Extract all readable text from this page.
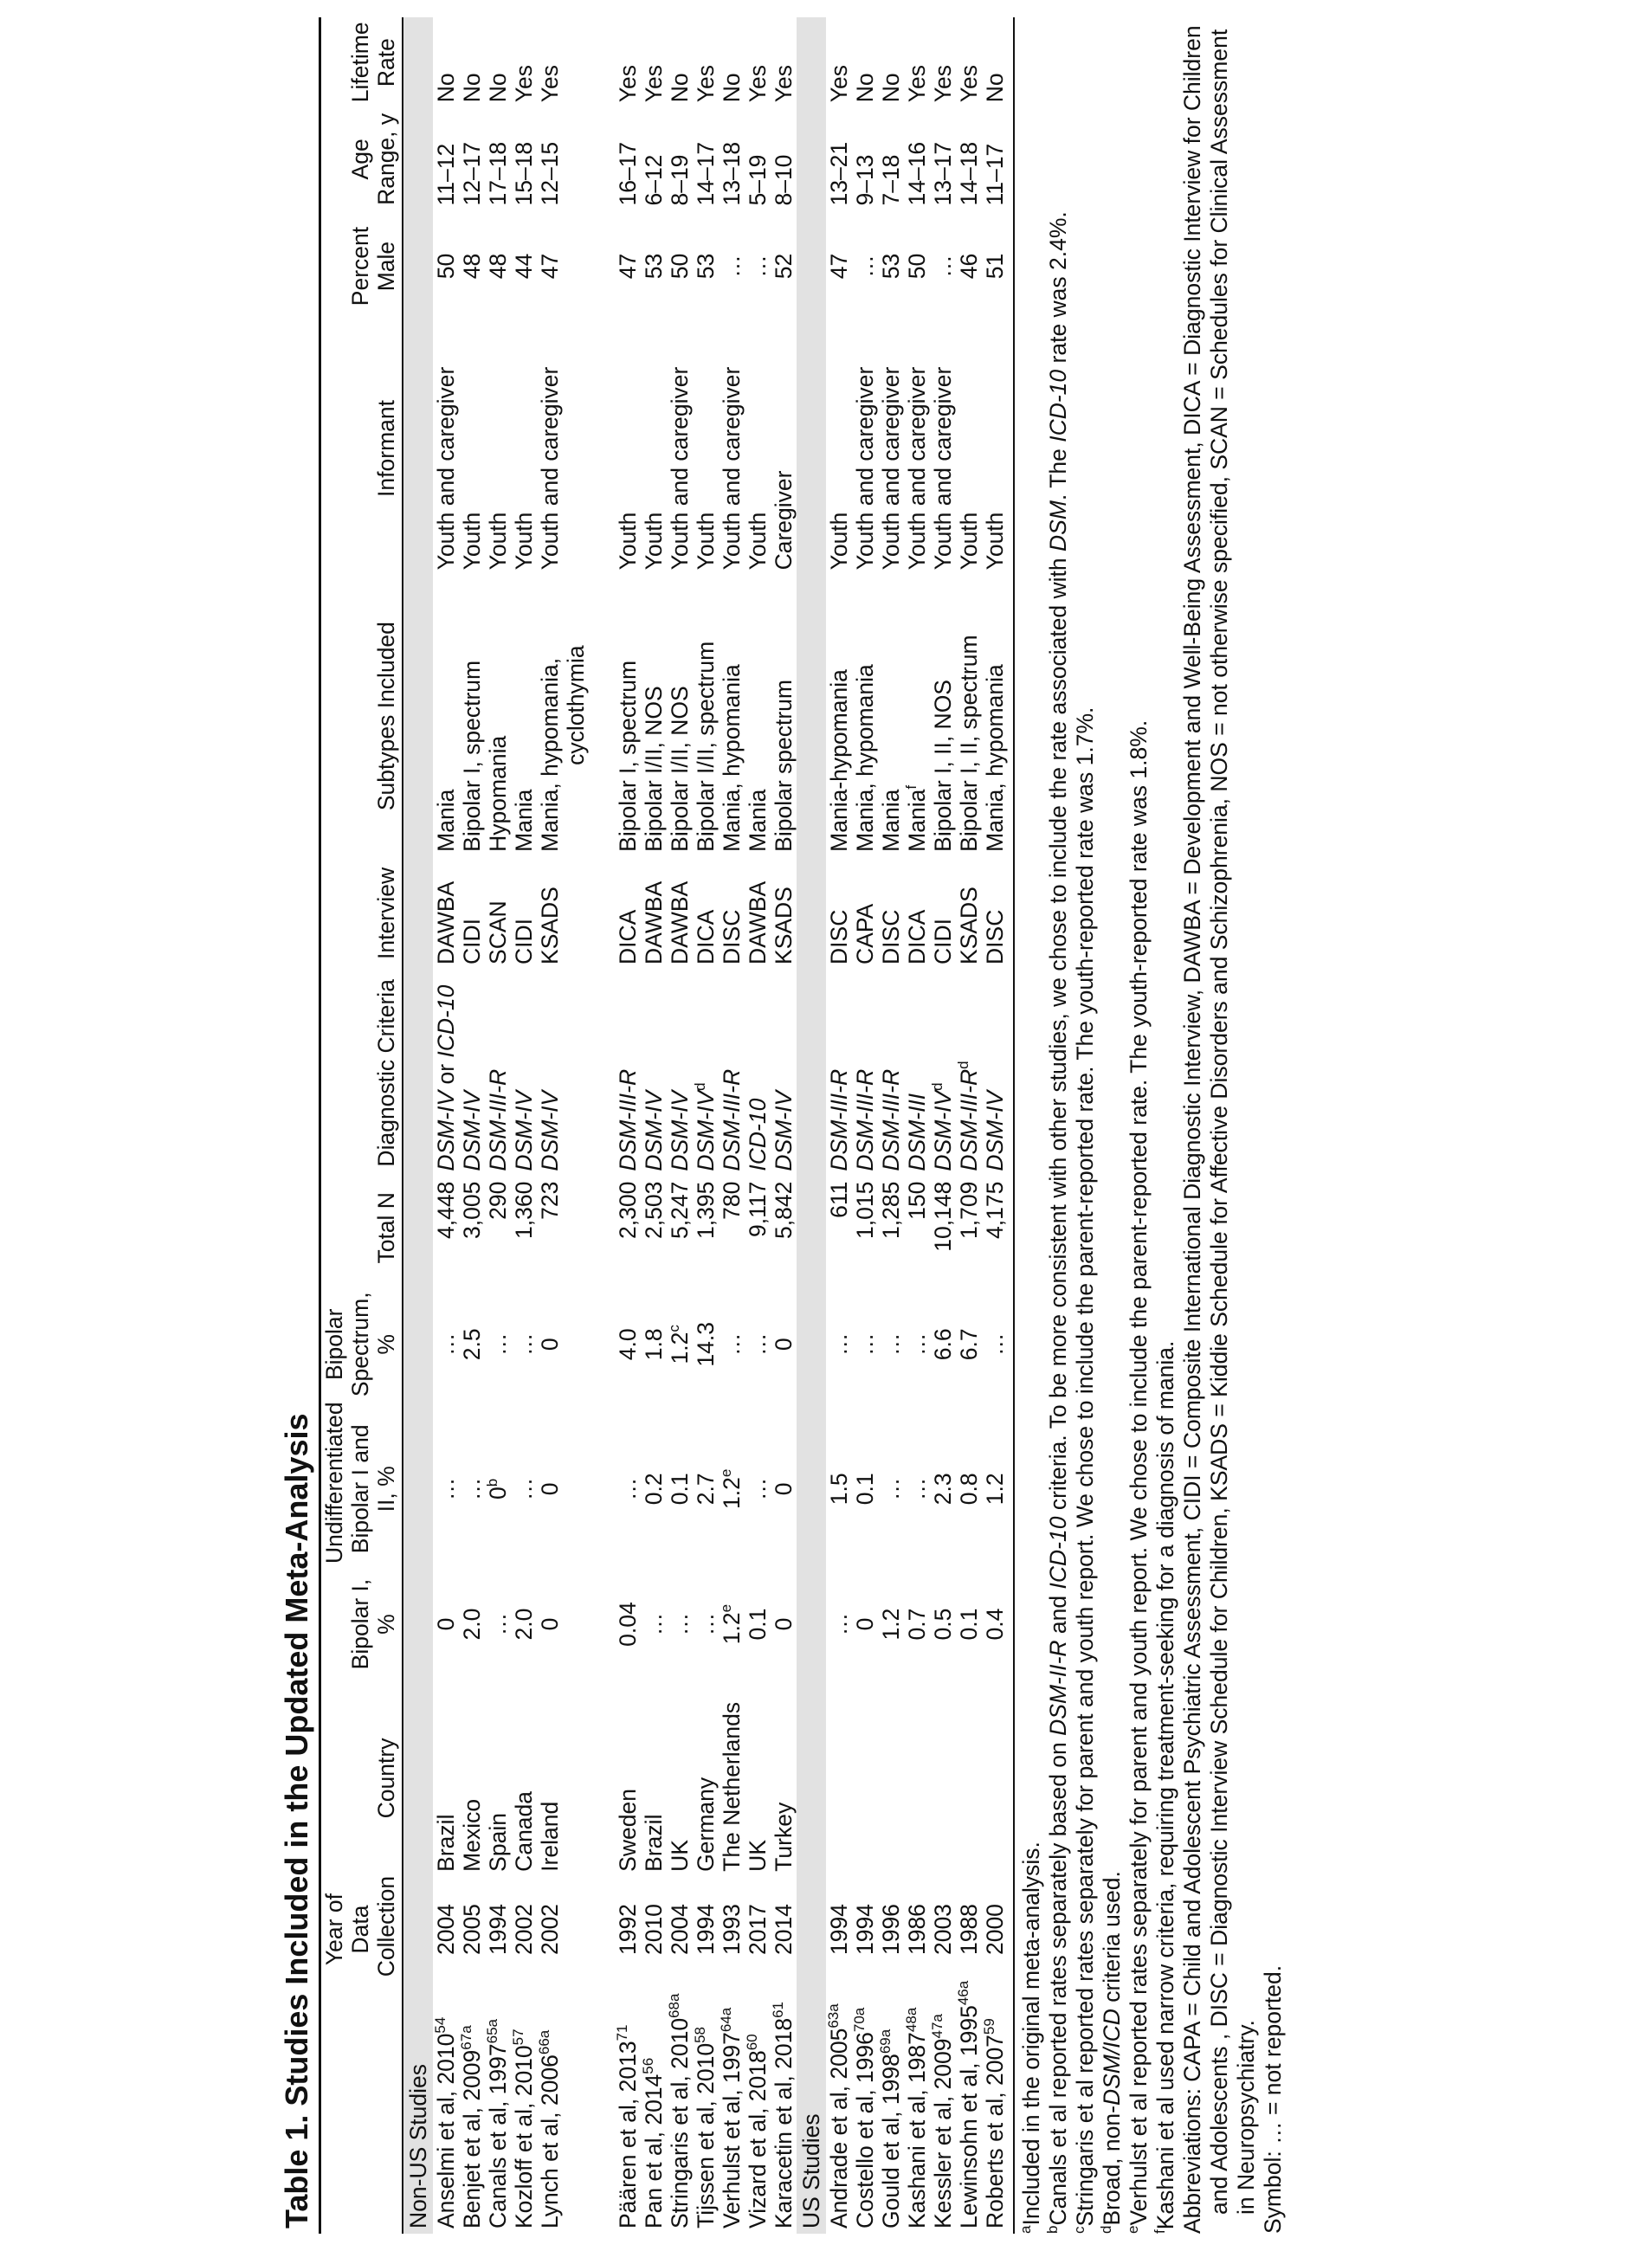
Table 1. Studies Included in the Updated Meta-Analysis
	Year of Data Collection	Country	Bipolar I, %	Undifferentiated Bipolar I and II, %	Bipolar Spectrum, %	Total N	Diagnostic Criteria	Interview	Subtypes Included	Informant	Percent Male	Age Range, y	Lifetime Rate
Non-US Studies													
Anselmi et al, 2010$^{54}$	2004	Brazil	0	…	…	4,448	DSM-IV or ICD-10	DAWBA	Mania	Youth and caregiver	50	11–12	No
Benjet et al, $2009^{67a}$	2005	Mexico	2.0	…	2.5	3,005	DSM-IV	CIDI	Bipolar I, spectrum	Youth	48	12–17	No
Canals et al, $1997^{65a}$	1994	Spain	…	0$^b$	…	290	DSM-III-R	SCAN	Hypomania	Youth	48	17–18	No
Kozloff et al, 2010$^{57}$	2002	Canada	2.0	…	…	1,360	DSM-IV	CIDI	Mania	Youth	44	15–18	Yes
Lynch et al, $2006^{66a}$	2002	Ireland	0	0	0	723	DSM-IV	KSADS	Mania, hypomania,
cyclothymia	Youth and caregiver	47	12–15	Yes

Päären et al, 2013$^{71}$	1992	Sweden	0.04	…	4.0	2,300	DSM-III-R	DICA	Bipolar I, spectrum	Youth	47	16–17	Yes
Pan et al, 2014$^{56}$	2010	Brazil	…	0.2	1.8	2,503	DSM-IV	DAWBA	Bipolar I/II, NOS	Youth	53	6–12	Yes
Stringaris et al, $2010^{68a}$	2004	UK	…	0.1	1.2$^c$	5,247	DSM-IV	DAWBA	Bipolar I/II, NOS	Youth and caregiver	50	8–19	No
Tijssen et al, 2010$^{58}$	1994	Germany	…	2.7	14.3	1,395	DSM-$IV^d$	DICA	Bipolar I/II, spectrum	Youth	53	14–17	Yes
Verhulst et al, $1997^{64a}$	1993	The Netherlands	1.2e	1.2e	…	780	DSM-III-R	DISC	Mania, hypomania	Youth and caregiver	…	13–18	No
Vizard et al, 2018$^{60}$	2017	UK	0.1	…	…	9,117	ICD-10	DAWBA	Mania	Youth	…	5–19	Yes
Karacetin et al, 2018$^{61}$	2014	Turkey	0	0	0	5,842	DSM-IV	KSADS	Bipolar spectrum	Caregiver	52	8–10	Yes
US Studies													
Andrade et al, $2005^{63a}$	1994		…	1.5	…	611	DSM-III-R	DISC	Mania-hypomania	Youth	47	13–21	Yes
Costello et al, $1996^{70a}$	1994		0	0.1	…	1,015	DSM-III-R	CAPA	Mania, hypomania	Youth and caregiver	…	9–13	No
Gould et al, $1998^{69a}$	1996		1.2	…	…	1,285	DSM-III-R	DISC	Mania	Youth and caregiver	53	7–18	No
Kashani et al, $1987^{48a}$	1986		0.7	…	…	150	DSM-III	DICA	Mania$^f$	Youth and caregiver	50	14–16	Yes
Kessler et al, $2009^{47a}$	2003		0.5	2.3	6.6	10,148	DSM-$IV^d$	CIDI	Bipolar I, II, NOS	Youth and caregiver	…	13–17	Yes
Lewinsohn et al, $1995^{46a}$	1988		0.1	0.8	6.7	1,709	DSM-$III-R^d$	KSADS	Bipolar I, II, spectrum	Youth	46	14–18	Yes
Roberts et al, 2007$^{59}$	2000		0.4	1.2	…	4,175	DSM-IV	DISC	Mania, hypomania	Youth	51	11–17	No
$^a$Included in the original meta-analysis.
$^b$Canals et al reported rates separately based on DSM-II-R and ICD-10 criteria. To be more consistent with other studies, we chose to include the rate associated with DSM. The ICD-10 rate was 2.4%.
$^c$Stringaris et al reported rates separately for parent and youth report. We chose to include the parent-reported rate. The youth-reported rate was 1.7%.
$^d$Broad, non-DSM/ICD criteria used.
$^e$Verhulst et al reported rates separately for parent and youth report. We chose to include the parent-reported rate. The youth-reported rate was 1.8%.
$^f$Kashani et al used narrow criteria, requiring treatment-seeking for a diagnosis of mania. Abbreviations: CAPA = Child and Adolescent Psychiatric Assessment, CIDI = Composite International Diagnostic Interview, DAWBA = Development and Well-Being Assessment, DICA = Diagnostic Interview for Children and Adolescents , DISC = Diagnostic Interview Schedule for Children, KSADS = Kiddie Schedule for Affective Disorders and Schizophrenia, NOS = not otherwise specified, SCAN = Schedules for Clinical Assessment in Neuropsychiatry. Symbol: … = not reported.
